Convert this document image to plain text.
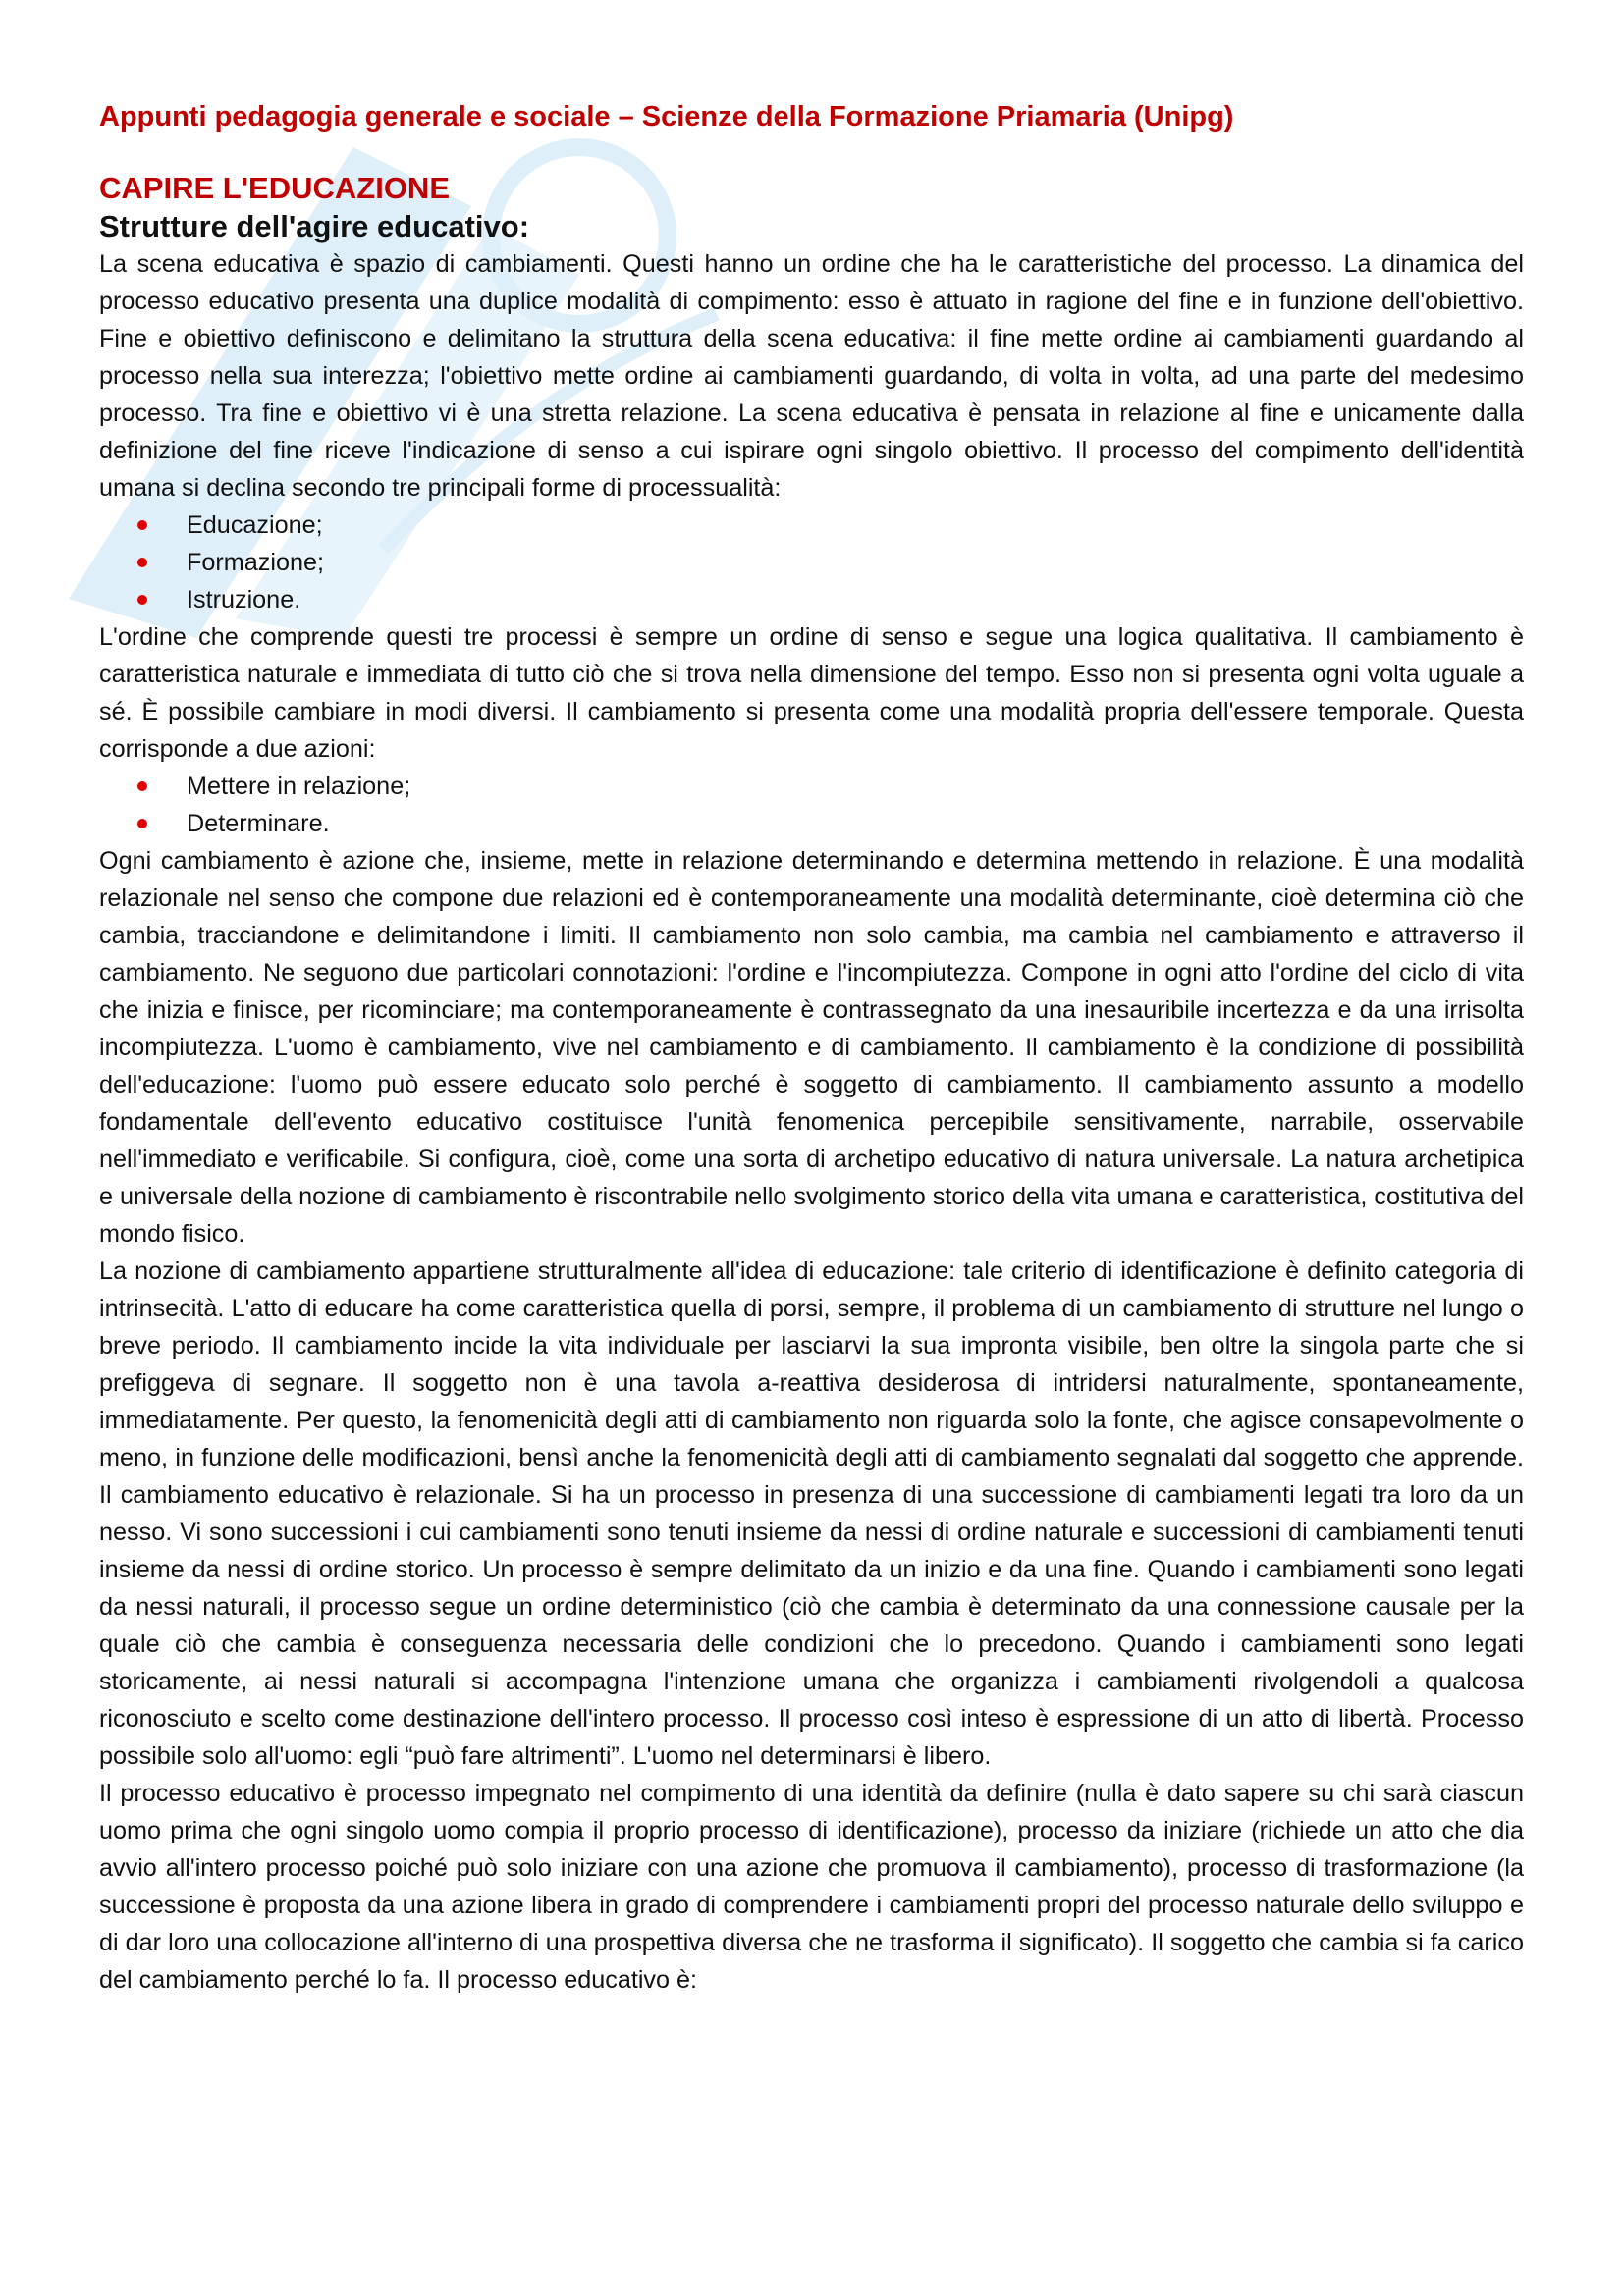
Appunti pedagogia generale e sociale – Scienze della Formazione Priamaria (Unipg)
CAPIRE L'EDUCAZIONE
Strutture dell'agire educativo:

La scena educativa è spazio di cambiamenti. Questi hanno un ordine che ha le caratteristiche del processo. La dinamica del processo educativo presenta una duplice modalità di compimento: esso è attuato in ragione del fine e in funzione dell'obiettivo. Fine e obiettivo definiscono e delimitano la struttura della scena educativa: il fine mette ordine ai cambiamenti guardando al processo nella sua interezza; l'obiettivo mette ordine ai cambiamenti guardando, di volta in volta, ad una parte del medesimo processo. Tra fine e obiettivo vi è una stretta relazione. La scena educativa è pensata in relazione al fine e unicamente dalla definizione del fine riceve l'indicazione di senso a cui ispirare ogni singolo obiettivo. Il processo del compimento dell'identità umana si declina secondo tre principali forme di processualità:

Educazione;
Formazione;
Istruzione.

L'ordine che comprende questi tre processi è sempre un ordine di senso e segue una logica qualitativa. Il cambiamento è caratteristica naturale e immediata di tutto ciò che si trova nella dimensione del tempo. Esso non si presenta ogni volta uguale a sé. È possibile cambiare in modi diversi. Il cambiamento si presenta come una modalità propria dell'essere temporale. Questa corrisponde a due azioni:

Mettere in relazione;
Determinare.

Ogni cambiamento è azione che, insieme, mette in relazione determinando e determina mettendo in relazione. È una modalità relazionale nel senso che compone due relazioni ed è contemporaneamente una modalità determinante, cioè determina ciò che cambia, tracciandone e delimitandone i limiti. Il cambiamento non solo cambia, ma cambia nel cambiamento e attraverso il cambiamento. Ne seguono due particolari connotazioni: l'ordine e l'incompiutezza. Compone in ogni atto l'ordine del ciclo di vita che inizia e finisce, per ricominciare; ma contemporaneamente è contrassegnato da una inesauribile incertezza e da una irrisolta incompiutezza. L'uomo è cambiamento, vive nel cambiamento e di cambiamento. Il cambiamento è la condizione di possibilità dell'educazione: l'uomo può essere educato solo perché è soggetto di cambiamento. Il cambiamento assunto a modello fondamentale dell'evento educativo costituisce l'unità fenomenica percepibile sensitivamente, narrabile, osservabile nell'immediato e verificabile. Si configura, cioè, come una sorta di archetipo educativo di natura universale. La natura archetipica e universale della nozione di cambiamento è riscontrabile nello svolgimento storico della vita umana e caratteristica, costitutiva del mondo fisico.

La nozione di cambiamento appartiene strutturalmente all'idea di educazione: tale criterio di identificazione è definito categoria di intrinsecità. L'atto di educare ha come caratteristica quella di porsi, sempre, il problema di un cambiamento di strutture nel lungo o breve periodo. Il cambiamento incide la vita individuale per lasciarvi la sua impronta visibile, ben oltre la singola parte che si prefiggeva di segnare. Il soggetto non è una tavola a-reattiva desiderosa di intridersi naturalmente, spontaneamente, immediatamente. Per questo, la fenomenicità degli atti di cambiamento non riguarda solo la fonte, che agisce consapevolmente o meno, in funzione delle modificazioni, bensì anche la fenomenicità degli atti di cambiamento segnalati dal soggetto che apprende. Il cambiamento educativo è relazionale. Si ha un processo in presenza di una successione di cambiamenti legati tra loro da un nesso. Vi sono successioni i cui cambiamenti sono tenuti insieme da nessi di ordine naturale e successioni di cambiamenti tenuti insieme da nessi di ordine storico. Un processo è sempre delimitato da un inizio e da una fine. Quando i cambiamenti sono legati da nessi naturali, il processo segue un ordine deterministico (ciò che cambia è determinato da una connessione causale per la quale ciò che cambia è conseguenza necessaria delle condizioni che lo precedono. Quando i cambiamenti sono legati storicamente, ai nessi naturali si accompagna l'intenzione umana che organizza i cambiamenti rivolgendoli a qualcosa riconosciuto e scelto come destinazione dell'intero processo. Il processo così inteso è espressione di un atto di libertà. Processo possibile solo all'uomo: egli “può fare altrimenti”. L'uomo nel determinarsi è libero.

Il processo educativo è processo impegnato nel compimento di una identità da definire (nulla è dato sapere su chi sarà ciascun uomo prima che ogni singolo uomo compia il proprio processo di identificazione), processo da iniziare (richiede un atto che dia avvio all'intero processo poiché può solo iniziare con una azione che promuova il cambiamento), processo di trasformazione (la successione è proposta da una azione libera in grado di comprendere i cambiamenti propri del processo naturale dello sviluppo e di dar loro una collocazione all'interno di una prospettiva diversa che ne trasforma il significato). Il soggetto che cambia si fa carico del cambiamento perché lo fa. Il processo educativo è:
